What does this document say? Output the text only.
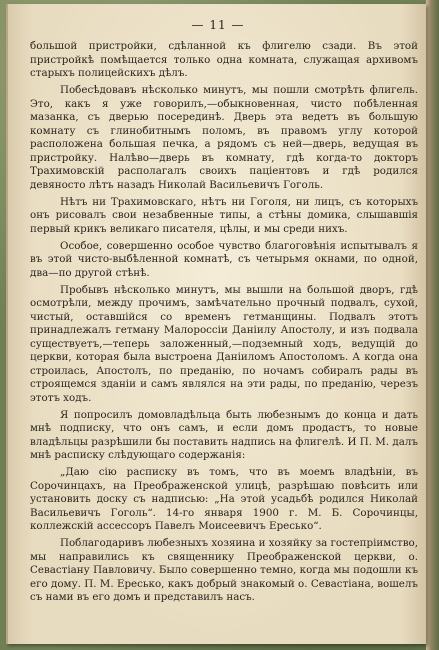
— 11 —

большой пристройки, сдѣланной къ флигелю сзади. Въ этой пристройкѣ помѣщается только одна комната, служащая архивомъ старыхъ полицейскихъ дѣлъ.

Побесѣдовавъ нѣсколько минутъ, мы пошли смотрѣть флигель. Это, какъ я уже говорилъ,—обыкновенная, чисто побѣленная мазанка, съ дверью посерединѣ. Дверь эта ведетъ въ большую комнату съ глинобитнымъ поломъ, въ правомъ углу которой расположена большая печка, а рядомъ съ ней—дверь, ведущая въ пристройку. Налѣво—дверь въ комнату, гдѣ когда-то докторъ Трахимовскій располагалъ своихъ пацiентовъ и гдѣ родился девяносто лѣтъ назадъ Николай Васильевичъ Гоголь.

Нѣтъ ни Трахимовскаго, нѣтъ ни Гоголя, ни лицъ, съ которыхъ онъ рисовалъ свои незабвенные типы, а стѣны домика, слышавшiя первый крикъ великаго писателя, цѣлы, и мы среди нихъ.

Особое, совершенно особое чувство благоговѣнiя испытывалъ я въ этой чисто-выбѣленной комнатѣ, съ четырьмя окнами, по одной, два—по другой стѣнѣ.

Пробывъ нѣсколько минутъ, мы вышли на большой дворъ, гдѣ осмотрѣли, между прочимъ, замѣчательно прочный подвалъ, сухой, чистый, оставшiйся со временъ гетманщины. Подвалъ этотъ принадлежалъ гетману Малороссiи Данiилу Апостолу, и изъ подвала существуетъ,—теперь заложенный,—подземный ходъ, ведущiй до церкви, которая была выстроена Данiиломъ Апостоломъ. А когда она строилась, Апостолъ, по преданiю, по ночамъ собиралъ рады въ строящемся зданiи и самъ являлся на эти рады, по преданiю, черезъ этотъ ходъ.

Я попросилъ домовладѣльца быть любезнымъ до конца и дать мнѣ подписку, что онъ самъ, и если домъ продастъ, то новые владѣльцы разрѣшили бы поставить надпись на флигелѣ. И П. М. далъ мнѣ расписку слѣдующаго содержанiя:

„Даю сiю расписку въ томъ, что въ моемъ владѣнiи, въ Сорочинцахъ, на Преображенской улицѣ, разрѣшаю повѣсить или установить доску съ надписью: „На этой усадьбѣ родился Николай Васильевичъ Гоголь“. 14-го января 1900 г. М. Б. Сорочинцы, коллежскiй ассессоръ Павелъ Моисеевичъ Ересько“.

Поблагодаривъ любезныхъ хозяина и хозяйку за гостепрiимство, мы направились къ священнику Преображенской церкви, о. Севастiану Павловичу. Было совершенно темно, когда мы подошли къ его дому. П. М. Ересько, какъ добрый знакомый о. Севастiана, вошелъ съ нами въ его домъ и представилъ насъ.
